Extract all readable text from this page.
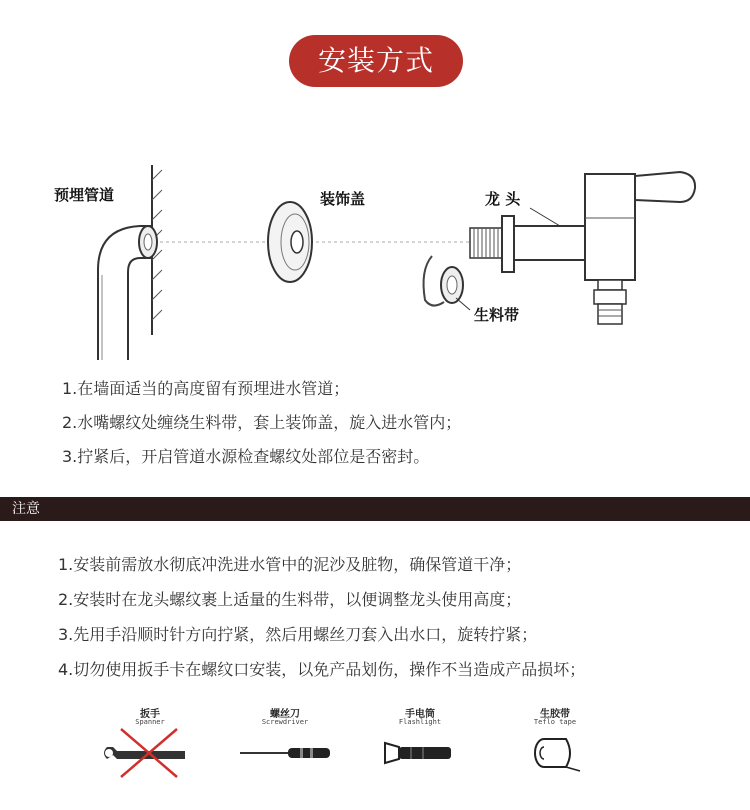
安装方式
预埋管道	装饰盖	龙 头
生料带
1.在墙面适当的高度留有预埋进水管道；
2.水嘴螺纹处缠绕生料带，套上装饰盖，旋入进水管内；
3.拧紧后，开启管道水源检查螺纹处部位是否密封。
注意
1.安装前需放水彻底冲洗进水管中的泥沙及脏物，确保管道干净；
2.安装时在龙头螺纹裹上适量的生料带，以便调整龙头使用高度；
3.先用手沿顺时针方向拧紧，然后用螺丝刀套入出水口，旋转拧紧；
4.切勿使用扳手卡在螺纹口安装，以免产品划伤，操作不当造成产品损坏；
扳手
Spanner
螺丝刀
Screwdriver
手电筒
Flashlight
生胶带
Teflo tape
